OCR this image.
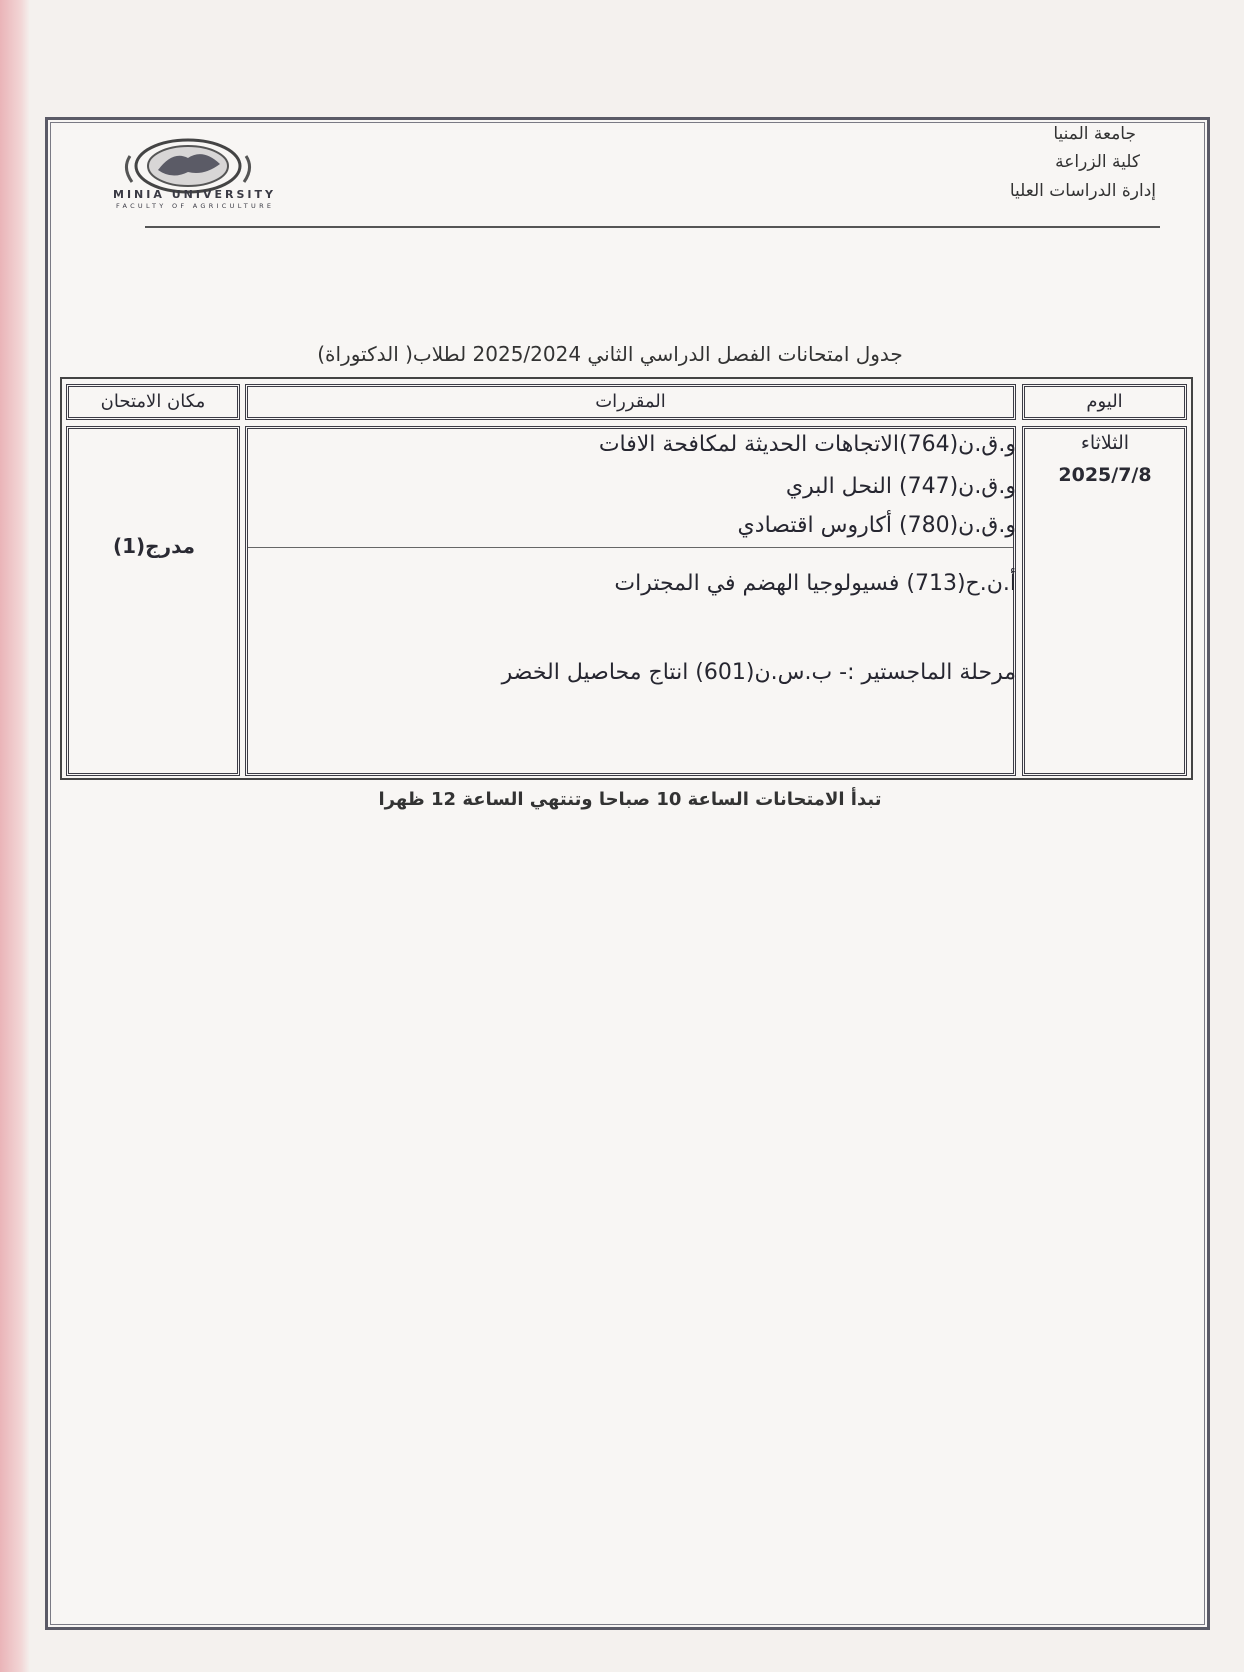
جامعة المنيا
كلية الزراعة
إدارة الدراسات العليا
MINIA UNIVERSITY
FACULTY OF AGRICULTURE
جدول امتحانات الفصل الدراسي الثاني 2025/2024 لطلاب( الدكتوراة)
اليوم
المقررات
مكان الامتحان
الثلاثاء
2025/7/8
و.ق.ن(764)الاتجاهات الحديثة لمكافحة الافات
و.ق.ن(747) النحل البري
و.ق.ن(780) أكاروس اقتصادي
أ.ن.ح(713) فسيولوجيا الهضم في المجترات
مرحلة الماجستير :- ب.س.ن(601) انتاج محاصيل الخضر
مدرج(1)
تبدأ الامتحانات الساعة 10 صباحا وتنتهي الساعة 12 ظهرا
